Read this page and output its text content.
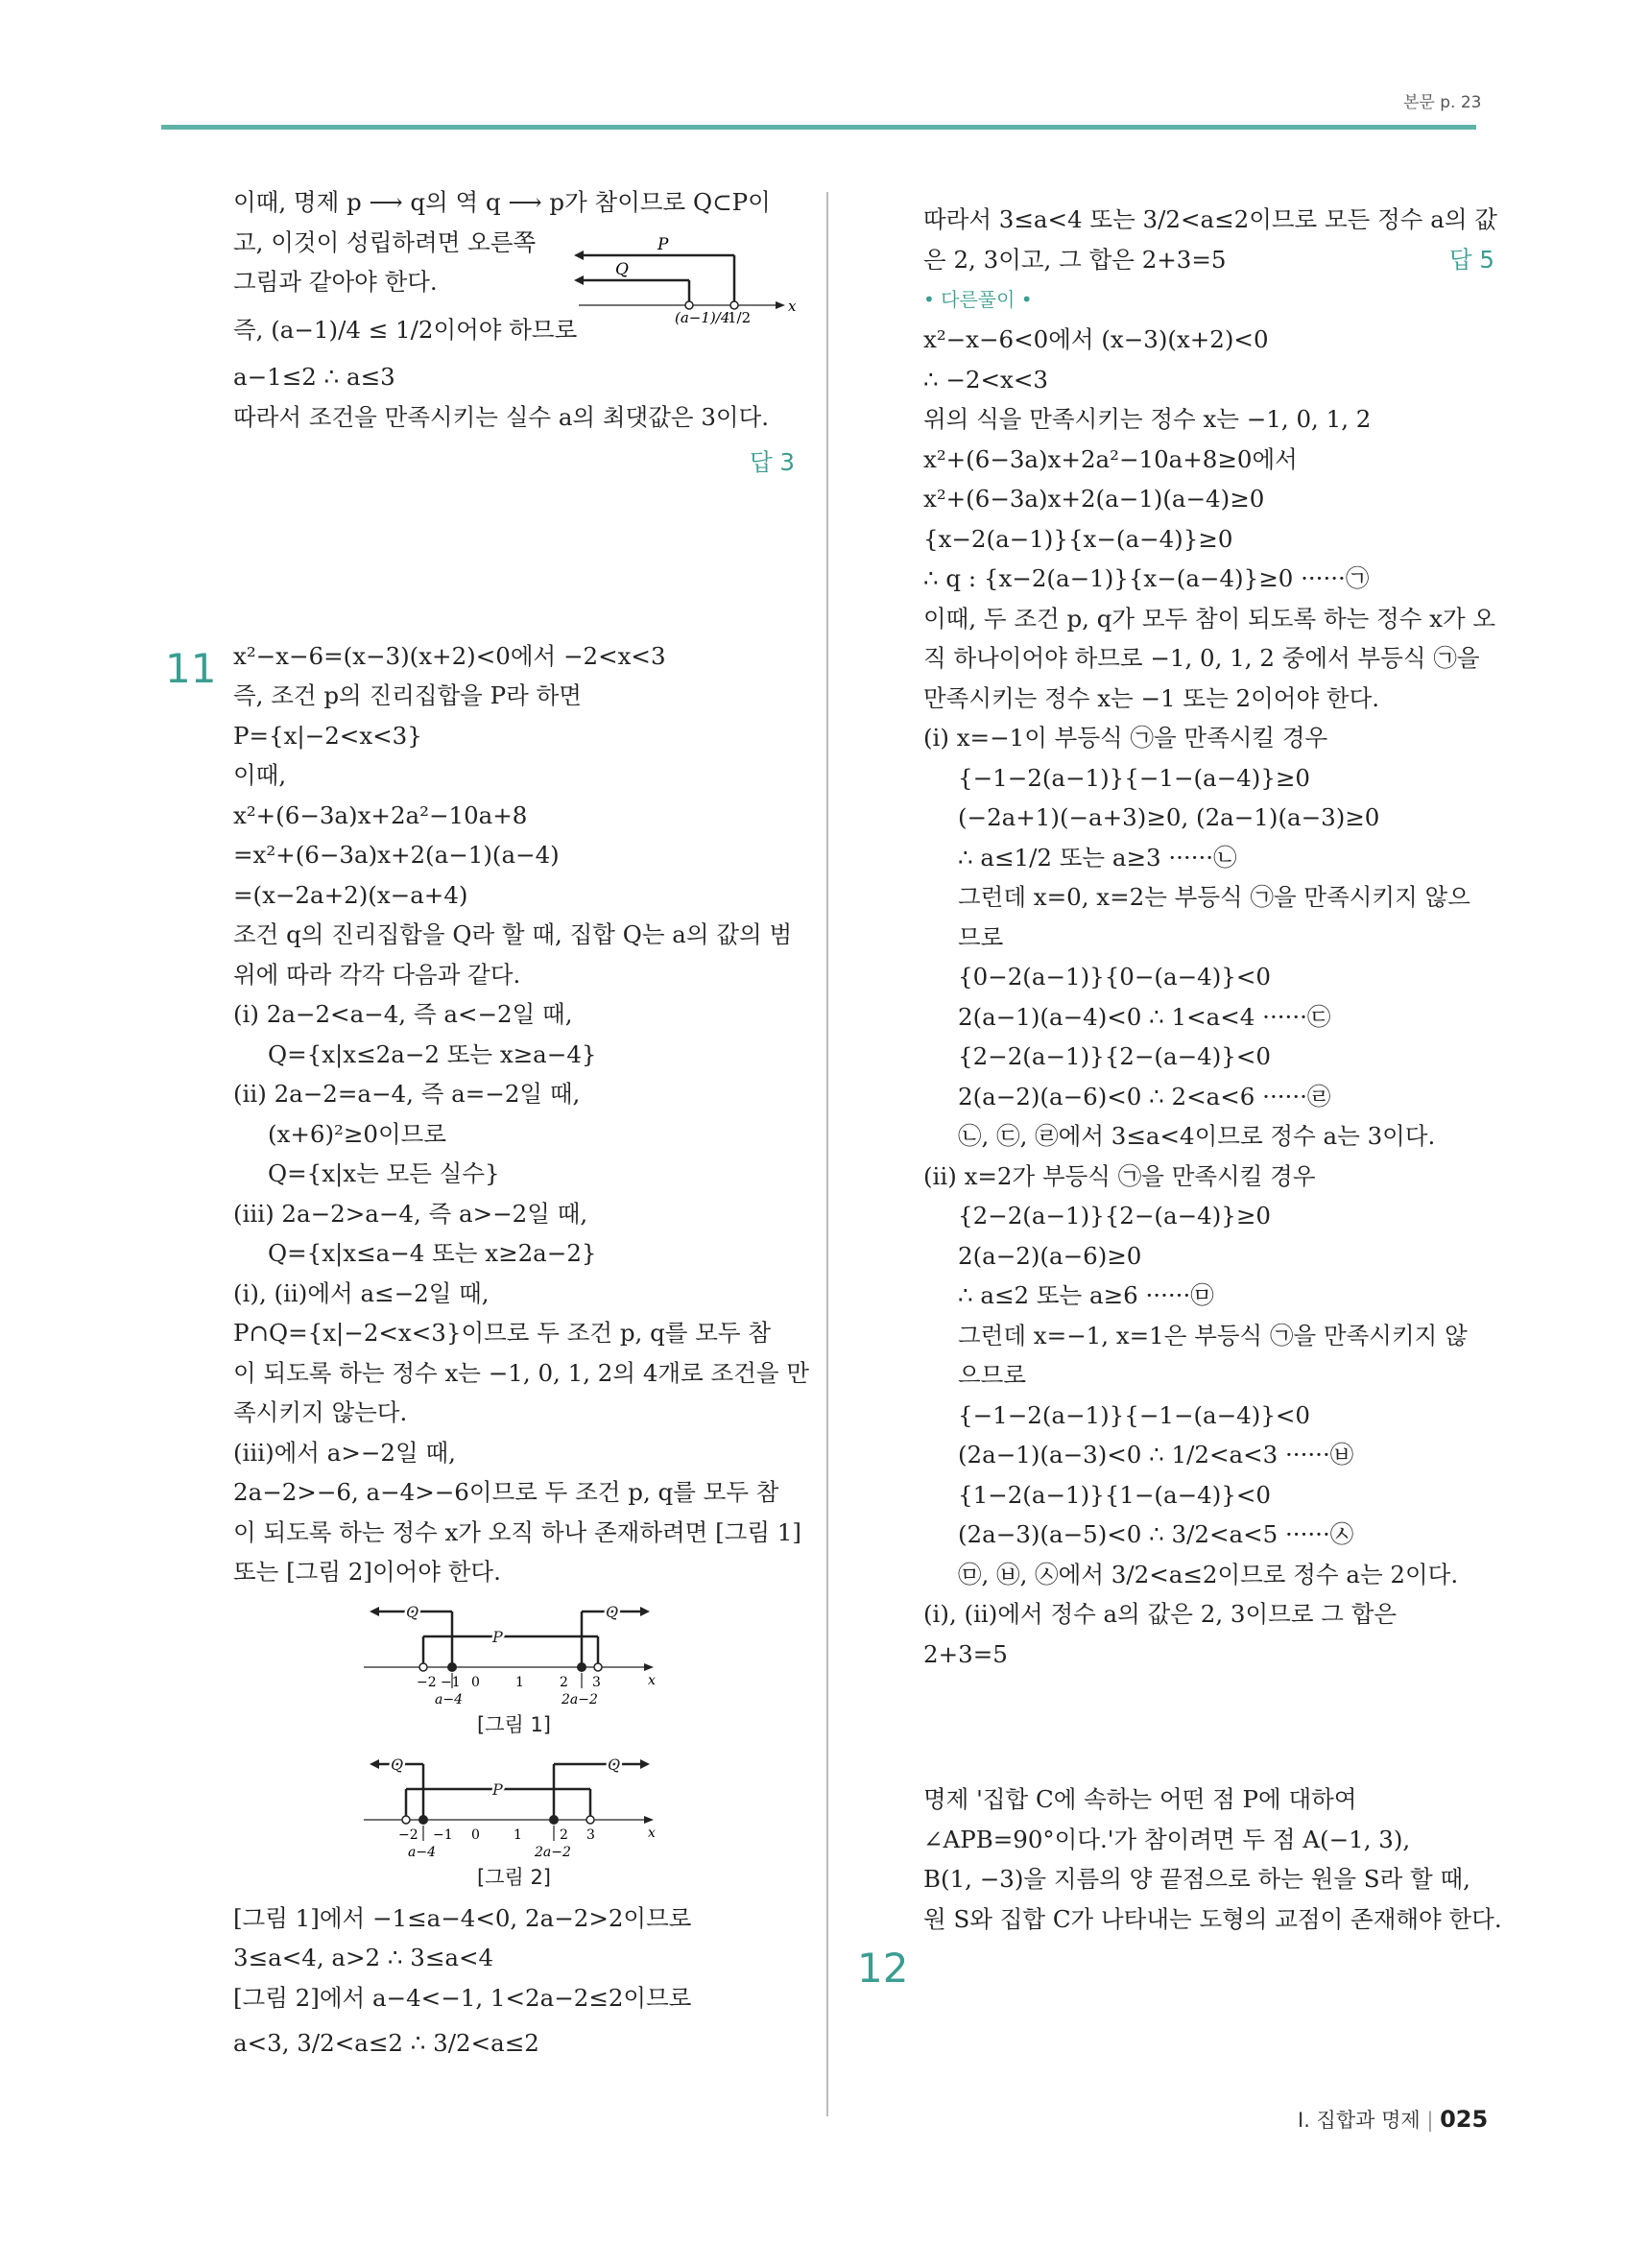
본문 p. 23
이때, 명제 p ⟶ q의 역 q ⟶ p가 참이므로 Q⊂P이
고, 이것이 성립하려면 오른쪽
그림과 같아야 한다.
즉, (a−1)/4 ≤ 1/2이어야 하므로
a−1≤2 ∴ a≤3
따라서 조건을 만족시키는 실수 a의 최댓값은 3이다.
답 3
P
Q
(a−1)/4
1/2
x
x²−x−6=(x−3)(x+2)<0에서 −2<x<3
즉, 조건 p의 진리집합을 P라 하면
P={x|−2<x<3}
이때,
x²+(6−3a)x+2a²−10a+8
=x²+(6−3a)x+2(a−1)(a−4)
=(x−2a+2)(x−a+4)
조건 q의 진리집합을 Q라 할 때, 집합 Q는 a의 값의 범
위에 따라 각각 다음과 같다.
(i) 2a−2<a−4, 즉 a<−2일 때,
Q={x|x≤2a−2 또는 x≥a−4}
(ii) 2a−2=a−4, 즉 a=−2일 때,
(x+6)²≥0이므로
Q={x|x는 모든 실수}
(iii) 2a−2>a−4, 즉 a>−2일 때,
Q={x|x≤a−4 또는 x≥2a−2}
(i), (ii)에서 a≤−2일 때,
P∩Q={x|−2<x<3}이므로 두 조건 p, q를 모두 참
이 되도록 하는 정수 x는 −1, 0, 1, 2의 4개로 조건을 만
족시키지 않는다.
(iii)에서 a>−2일 때,
2a−2>−6, a−4>−6이므로 두 조건 p, q를 모두 참
이 되도록 하는 정수 x가 오직 하나 존재하려면 [그림 1]
또는 [그림 2]이어야 한다.
Q	Q
P
−2 −1 0	1	2 3	x
a−4	2a−2
[그림 1]
Q	Q
P
−2 −1 0	1	2 3	x
a−4	2a−2
[그림 2]
[그림 1]에서 −1≤a−4<0, 2a−2>2이므로
3≤a<4, a>2 ∴ 3≤a<4
[그림 2]에서 a−4<−1, 1<2a−2≤2이므로
a<3, 3/2<a≤2 ∴ 3/2<a≤2
11
따라서 3≤a<4 또는 3/2<a≤2이므로 모든 정수 a의 값
은 2, 3이고, 그 합은 2+3=5	답 5
• 다른풀이 •
x²−x−6<0에서 (x−3)(x+2)<0
∴ −2<x<3
위의 식을 만족시키는 정수 x는 −1, 0, 1, 2
x²+(6−3a)x+2a²−10a+8≥0에서
x²+(6−3a)x+2(a−1)(a−4)≥0
{x−2(a−1)}{x−(a−4)}≥0
∴ q : {x−2(a−1)}{x−(a−4)}≥0 ······㉠
이때, 두 조건 p, q가 모두 참이 되도록 하는 정수 x가 오
직 하나이어야 하므로 −1, 0, 1, 2 중에서 부등식 ㉠을
만족시키는 정수 x는 −1 또는 2이어야 한다.
(i) x=−1이 부등식 ㉠을 만족시킬 경우
{−1−2(a−1)}{−1−(a−4)}≥0
(−2a+1)(−a+3)≥0, (2a−1)(a−3)≥0
∴ a≤1/2 또는 a≥3 ······㉡
그런데 x=0, x=2는 부등식 ㉠을 만족시키지 않으
므로
{0−2(a−1)}{0−(a−4)}<0
2(a−1)(a−4)<0 ∴ 1<a<4 ······㉢
{2−2(a−1)}{2−(a−4)}<0
2(a−2)(a−6)<0 ∴ 2<a<6 ······㉣
㉡, ㉢, ㉣에서 3≤a<4이므로 정수 a는 3이다.
(ii) x=2가 부등식 ㉠을 만족시킬 경우
{2−2(a−1)}{2−(a−4)}≥0
2(a−2)(a−6)≥0
∴ a≤2 또는 a≥6 ······㉤
그런데 x=−1, x=1은 부등식 ㉠을 만족시키지 않
으므로
{−1−2(a−1)}{−1−(a−4)}<0
(2a−1)(a−3)<0 ∴ 1/2<a<3 ······㉥
{1−2(a−1)}{1−(a−4)}<0
(2a−3)(a−5)<0 ∴ 3/2<a<5 ······㉦
㉤, ㉥, ㉦에서 3/2<a≤2이므로 정수 a는 2이다.
(i), (ii)에서 정수 a의 값은 2, 3이므로 그 합은
2+3=5
명제 '집합 C에 속하는 어떤 점 P에 대하여
∠APB=90°이다.'가 참이려면 두 점 A(−1, 3),
B(1, −3)을 지름의 양 끝점으로 하는 원을 S라 할 때,
원 S와 집합 C가 나타내는 도형의 교점이 존재해야 한다.
12
Ⅰ. 집합과 명제 | 025
